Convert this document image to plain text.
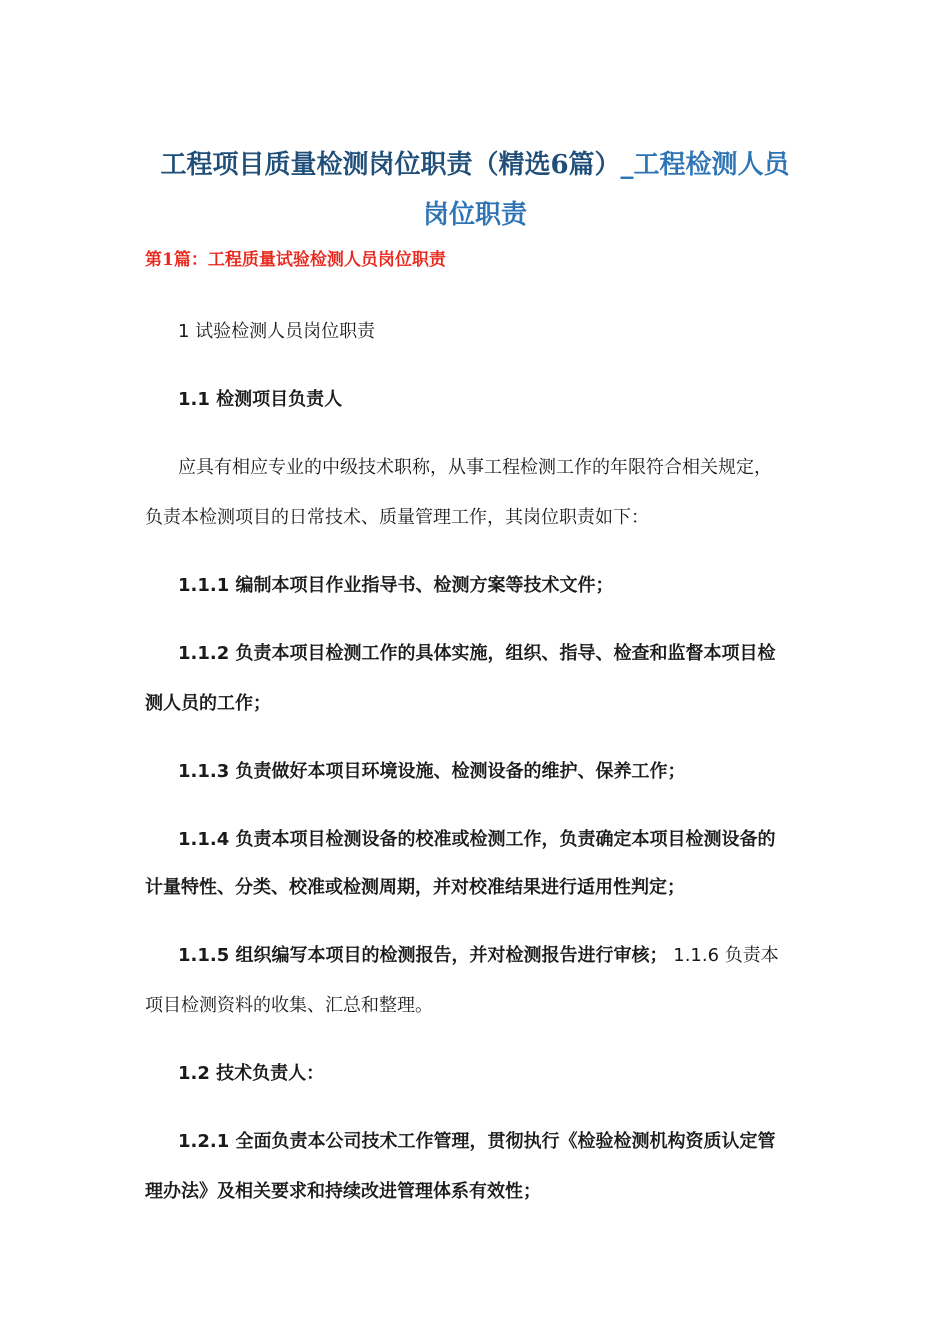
工程项目质量检测岗位职责（精选6篇）_工程检测人员
岗位职责

第1篇：工程质量试验检测人员岗位职责

1 试验检测人员岗位职责

1.1 检测项目负责人

应具有相应专业的中级技术职称，从事工程检测工作的年限符合相关规定，

负责本检测项目的日常技术、质量管理工作，其岗位职责如下：

1.1.1 编制本项目作业指导书、检测方案等技术文件；

1.1.2 负责本项目检测工作的具体实施，组织、指导、检查和监督本项目检

测人员的工作；

1.1.3 负责做好本项目环境设施、检测设备的维护、保养工作；

1.1.4 负责本项目检测设备的校准或检测工作，负责确定本项目检测设备的

计量特性、分类、校准或检测周期，并对校准结果进行适用性判定；

1.1.5 组织编写本项目的检测报告，并对检测报告进行审核； 1.1.6 负责本

项目检测资料的收集、汇总和整理。

1.2 技术负责人：

1.2.1 全面负责本公司技术工作管理，贯彻执行《检验检测机构资质认定管

理办法》及相关要求和持续改进管理体系有效性；
